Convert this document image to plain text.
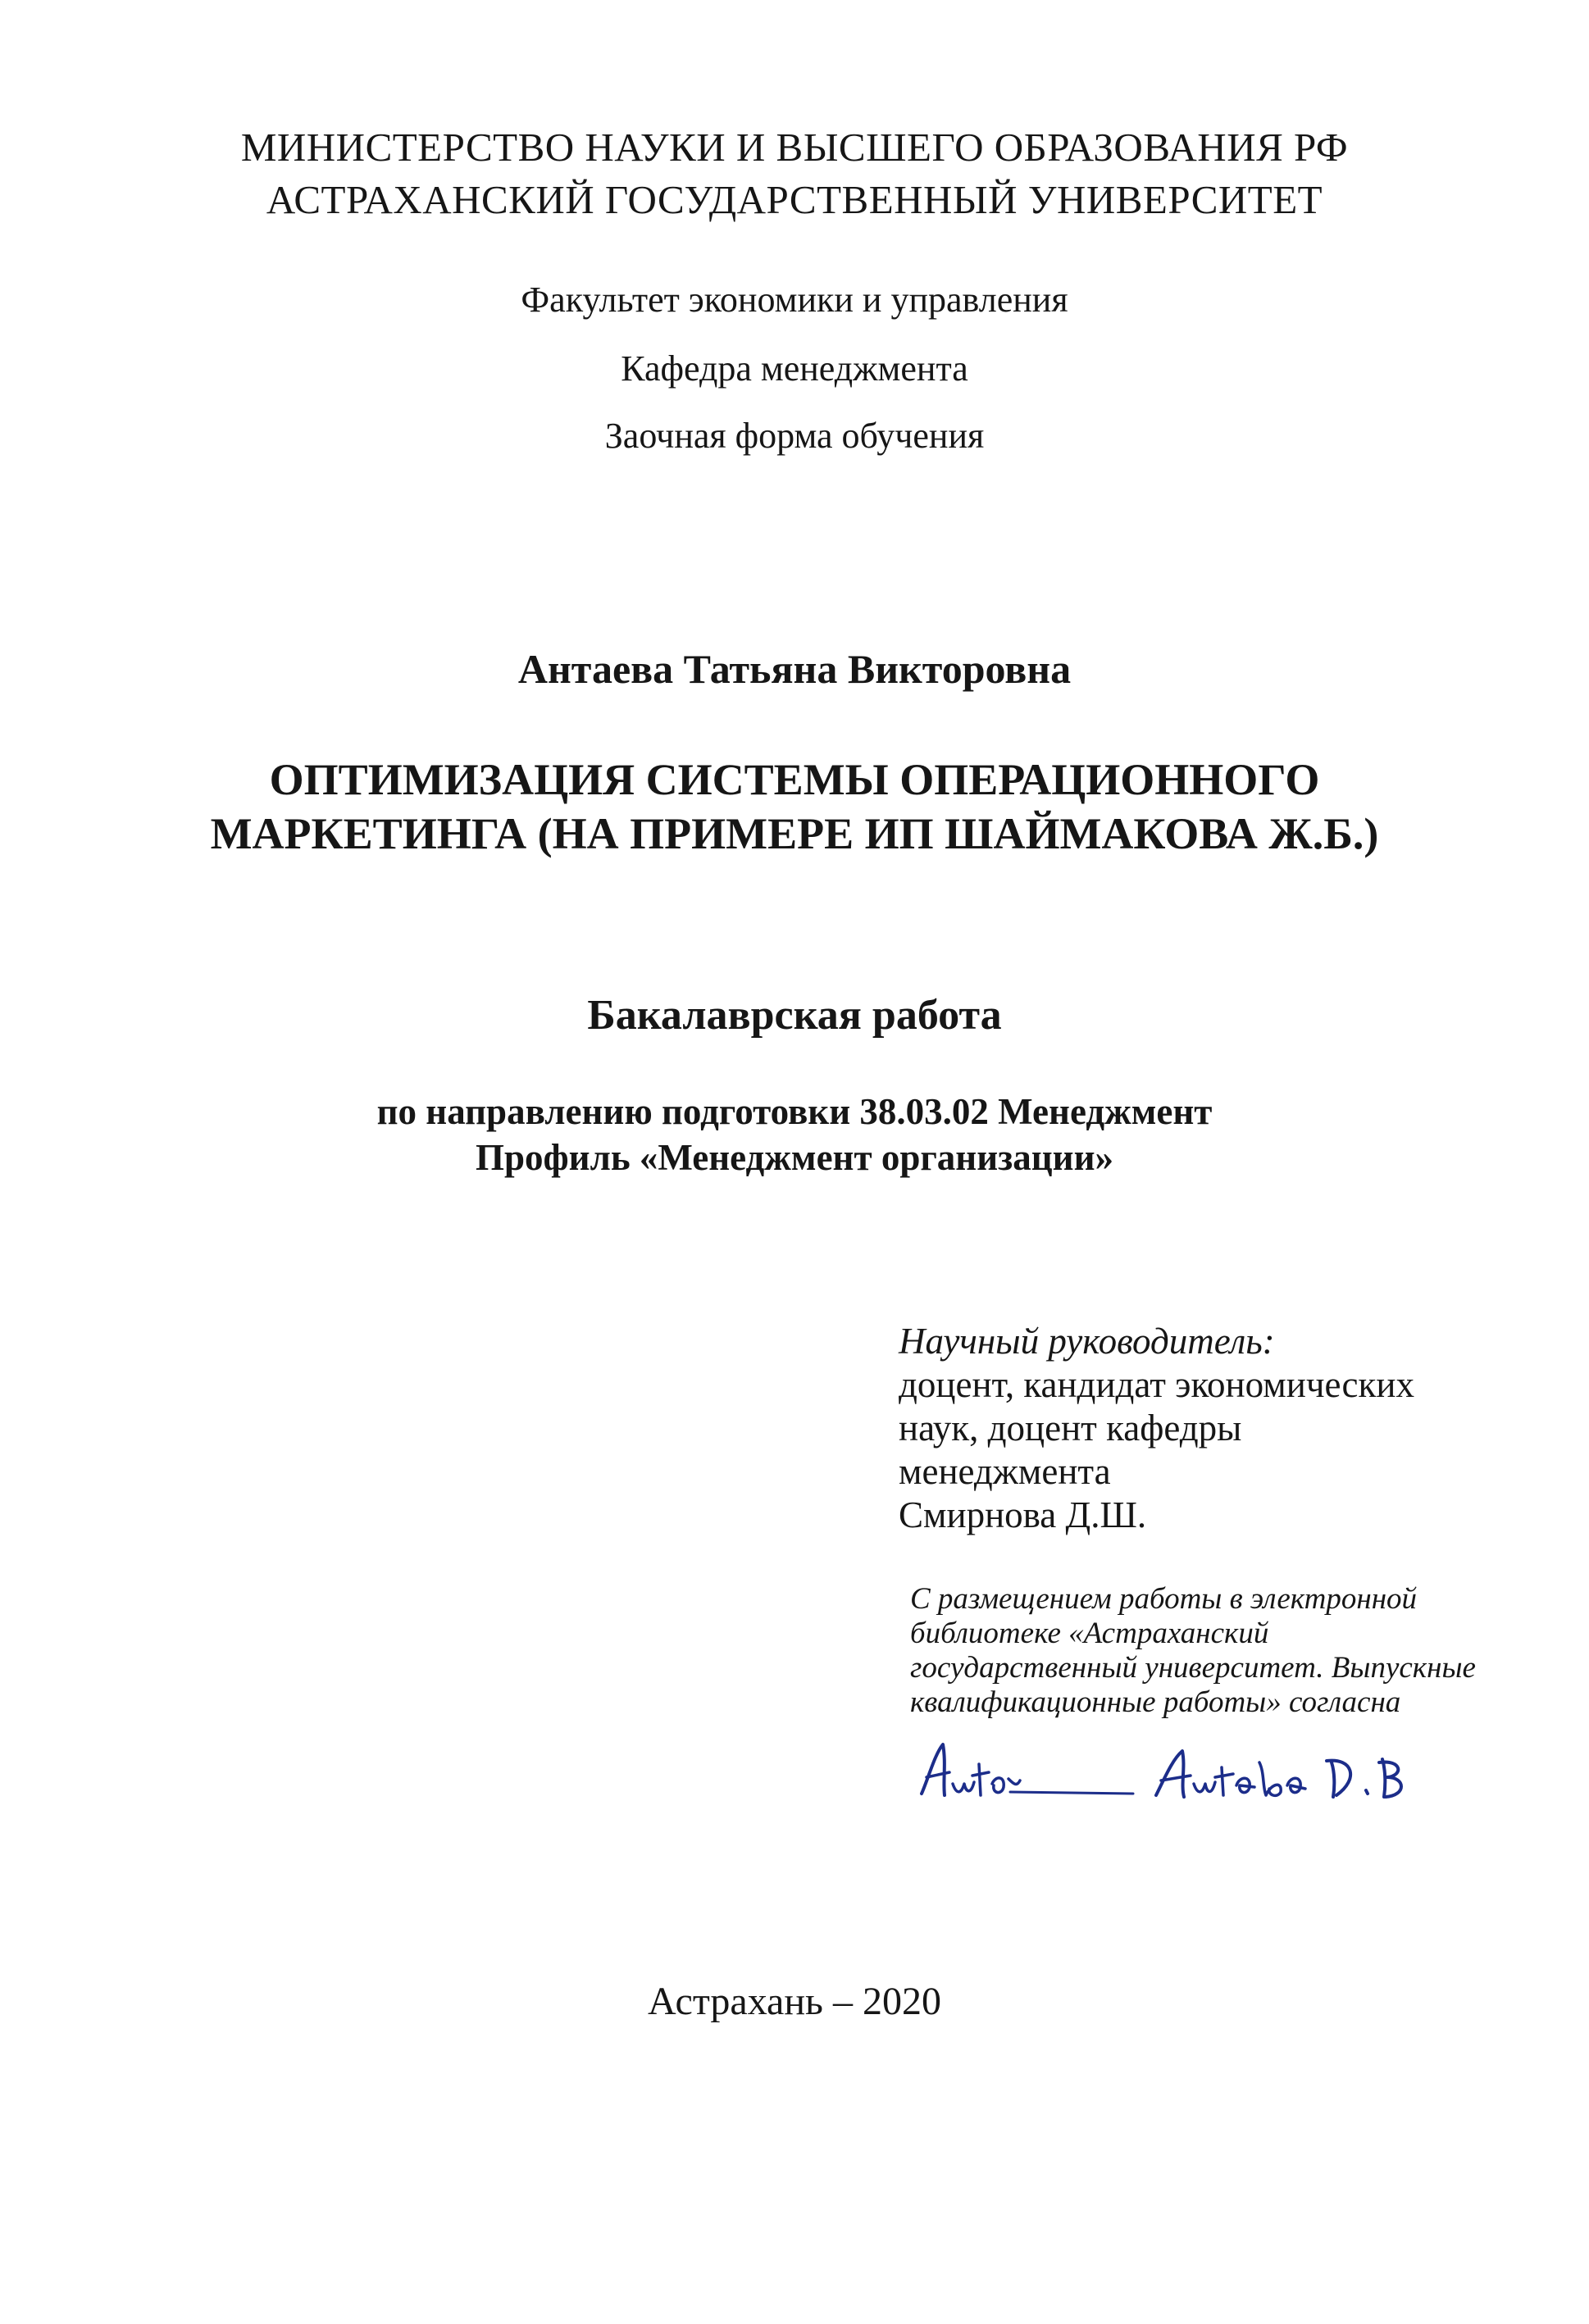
МИНИСТЕРСТВО НАУКИ И ВЫСШЕГО ОБРАЗОВАНИЯ РФ
АСТРАХАНСКИЙ ГОСУДАРСТВЕННЫЙ УНИВЕРСИТЕТ
Факультет экономики и управления
Кафедра менеджмента
Заочная форма обучения
Антаева Татьяна Викторовна
ОПТИМИЗАЦИЯ СИСТЕМЫ ОПЕРАЦИОННОГО
МАРКЕТИНГА (НА ПРИМЕРЕ ИП ШАЙМАКОВА Ж.Б.)
Бакалаврская работа
по направлению подготовки 38.03.02 Менеджмент
Профиль «Менеджмент организации»
Научный руководитель:
доцент, кандидат экономических
наук, доцент кафедры
менеджмента
Смирнова Д.Ш.
С размещением работы в электронной
библиотеке «Астраханский
государственный университет. Выпускные
квалификационные работы» согласна
Астрахань – 2020
